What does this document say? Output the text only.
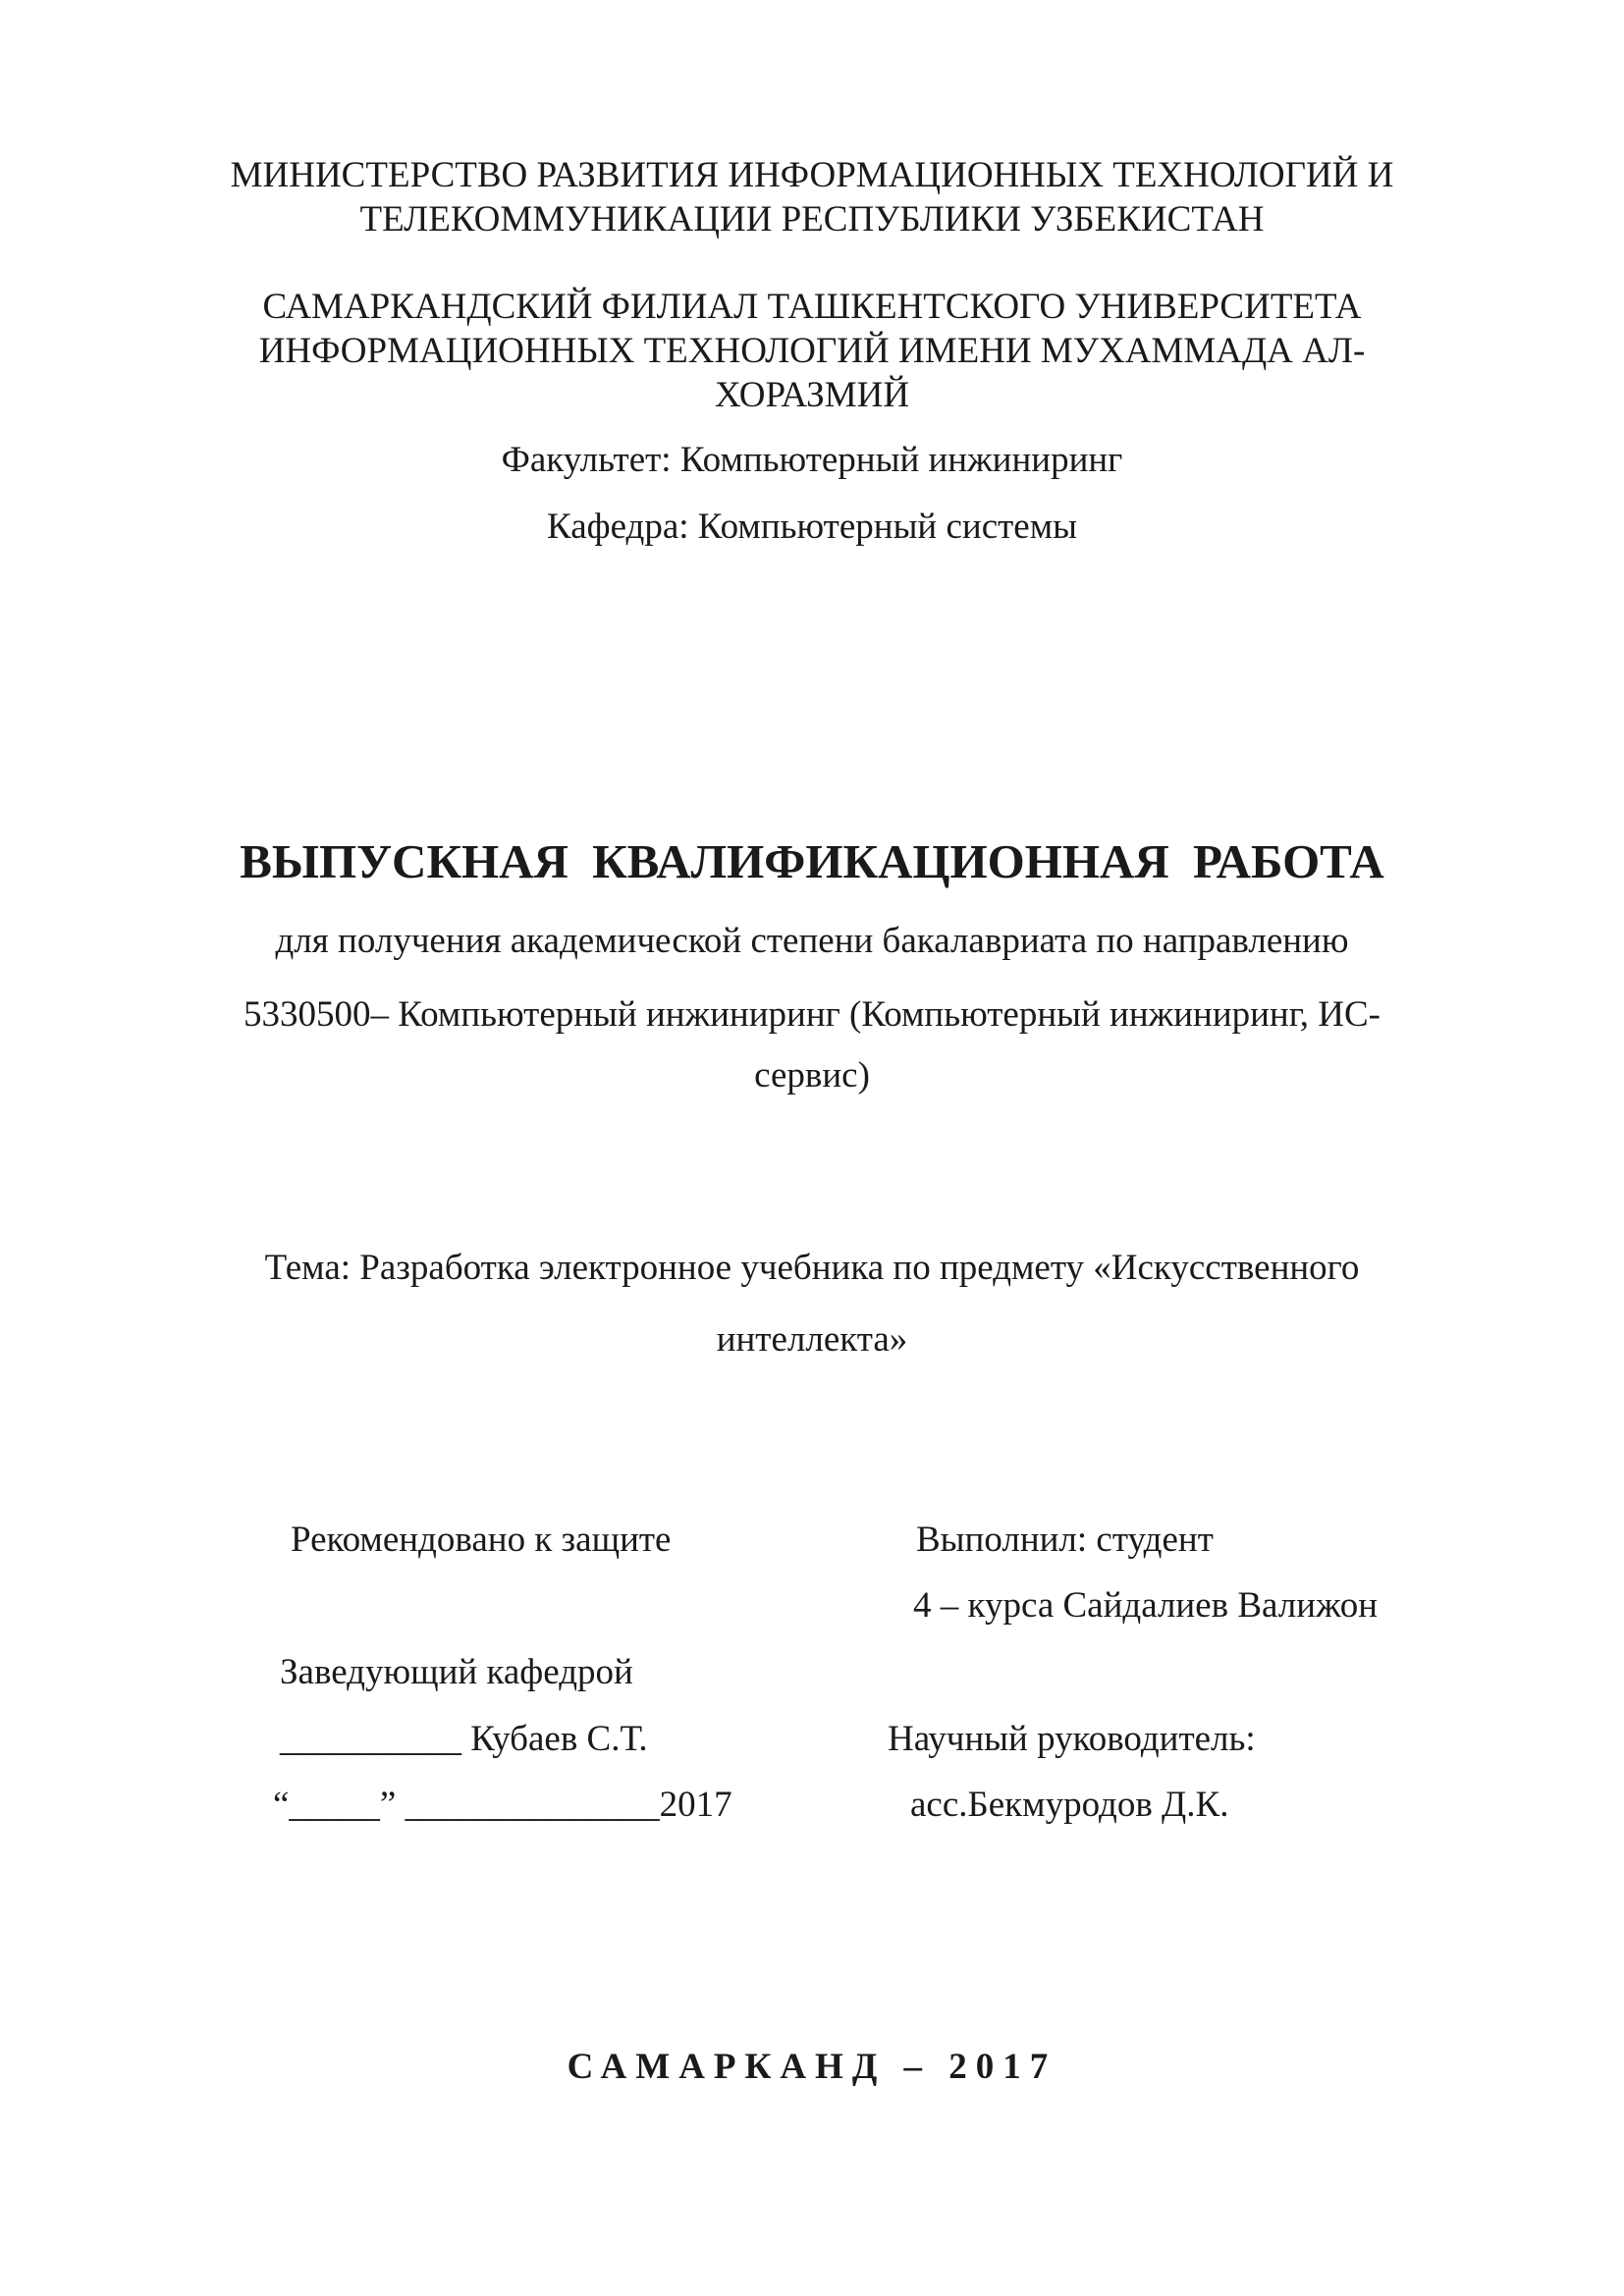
МИНИСТЕРСТВО РАЗВИТИЯ ИНФОРМАЦИОННЫХ ТЕХНОЛОГИЙ И
ТЕЛЕКОММУНИКАЦИИ РЕСПУБЛИКИ УЗБЕКИСТАН
САМАРКАНДСКИЙ ФИЛИАЛ ТАШКЕНТСКОГО УНИВЕРСИТЕТА
ИНФОРМАЦИОННЫХ ТЕХНОЛОГИЙ ИМЕНИ МУХАММАДА АЛ-
ХОРАЗМИЙ
Факультет: Компьютерный инжиниринг
Кафедра: Компьютерный системы
ВЫПУСКНАЯ КВАЛИФИКАЦИОННАЯ РАБОТА
для получения академической степени бакалавриата по направлению
5330500– Компьютерный инжиниринг (Компьютерный инжиниринг, ИС-
сервис)
Тема: Разработка электронное учебника по предмету «Искусственного
интеллекта»
Рекомендовано к защите
Заведующий кафедрой
__________ Кубаев С.Т.
“_____” ______________2017
Выполнил: студент
4 – курса Сайдалиев Валижон
Научный руководитель:
асс.Бекмуродов Д.К.
САМАРКАНД – 2017
